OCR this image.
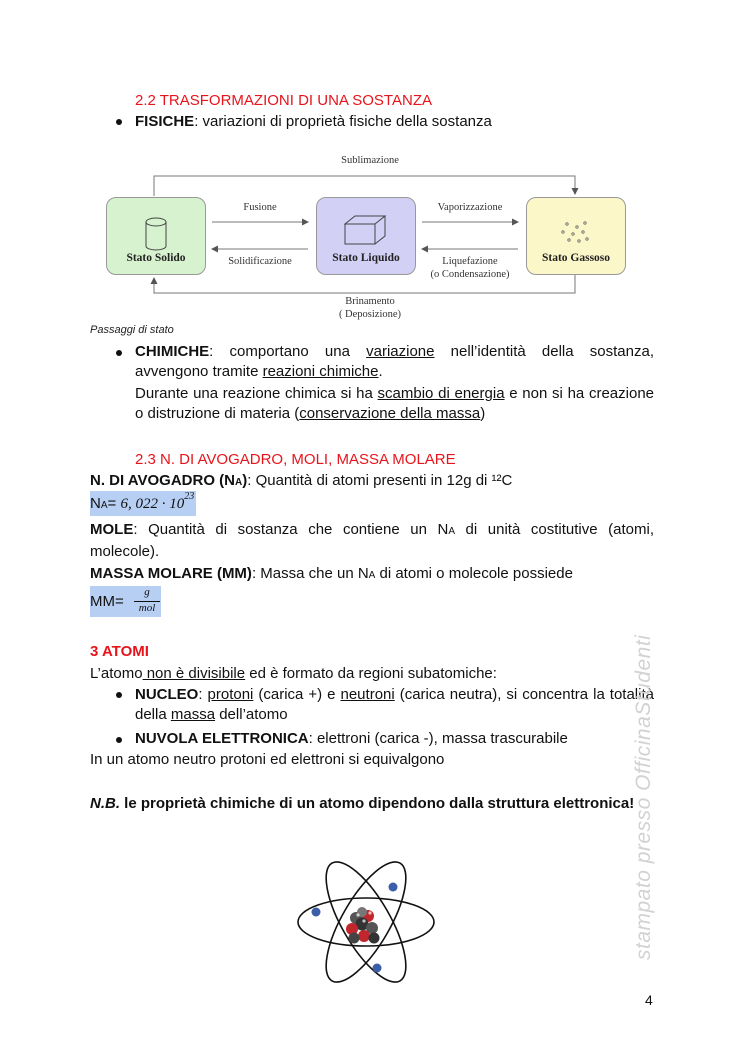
2.2 TRASFORMAZIONI DI UNA SOSTANZA
FISICHE: variazioni di proprietà fisiche della sostanza
Sublimazione
Fusione
Solidificazione
Vaporizzazione
Liquefazione
(o Condensazione)
Brinamento
( Deposizione)
Stato Solido	Stato Liquido	Stato Gassoso
Passaggi di stato
CHIMICHE: comportano una variazione nell’identità della sostanza, avvengono tramite reazioni chimiche.
Durante una reazione chimica si ha scambio di energia e non si ha creazione o distruzione di materia (conservazione della massa)
2.3 N. DI AVOGADRO, MOLI, MASSA MOLARE
N. DI AVOGADRO (NA): Quantità di atomi presenti in 12g di ¹²C
NA= 6, $022 \cdot 10^{23}$
MOLE: Quantità di sostanza che contiene un NA di unità costitutive (atomi, molecole).
MASSA MOLARE (MM): Massa che un NA di atomi o molecole possiede
MM=
g
mol
3 ATOMI
L’atomo non è divisibile ed è formato da regioni subatomiche:
NUCLEO: protoni (carica +) e neutroni (carica neutra), si concentra la totalità della massa dell’atomo
NUVOLA ELETTRONICA: elettroni (carica -), massa trascurabile
In un atomo neutro protoni ed elettroni si equivalgono
N.B. le proprietà chimiche di un atomo dipendono dalla struttura elettronica!
stampato presso OfficinaStudenti
4
